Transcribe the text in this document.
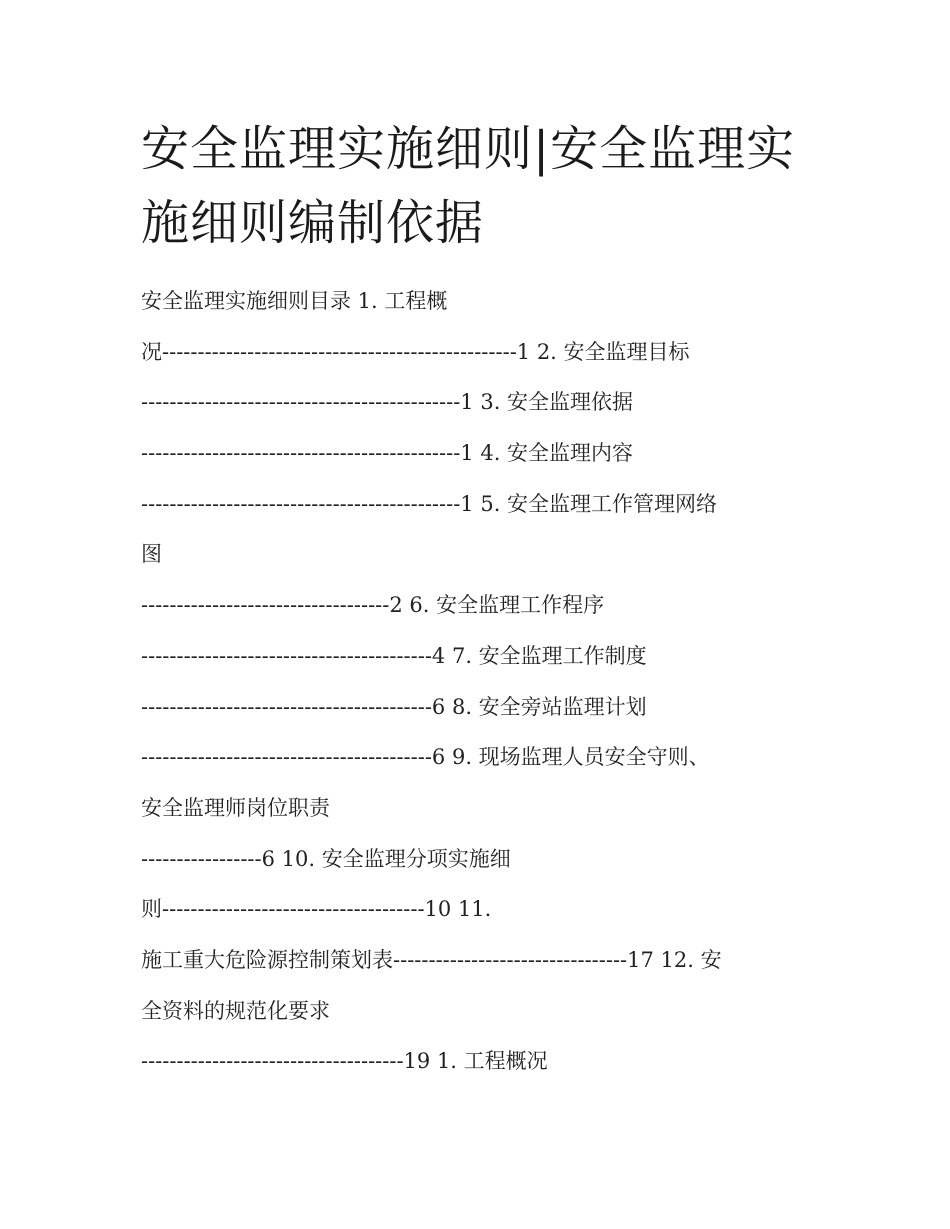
安全监理实施细则|安全监理实
施细则编制依据
安全监理实施细则目录 1. 工程概
况--------------------------------------------------1 2. 安全监理目标
---------------------------------------------1 3. 安全监理依据
---------------------------------------------1 4. 安全监理内容
---------------------------------------------1 5. 安全监理工作管理网络
图
-----------------------------------2 6. 安全监理工作程序
-----------------------------------------4 7. 安全监理工作制度
-----------------------------------------6 8. 安全旁站监理计划
-----------------------------------------6 9. 现场监理人员安全守则、
安全监理师岗位职责
-----------------6 10. 安全监理分项实施细
则-------------------------------------10 11.
施工重大危险源控制策划表---------------------------------17 12. 安
全资料的规范化要求
-------------------------------------19 1. 工程概况
